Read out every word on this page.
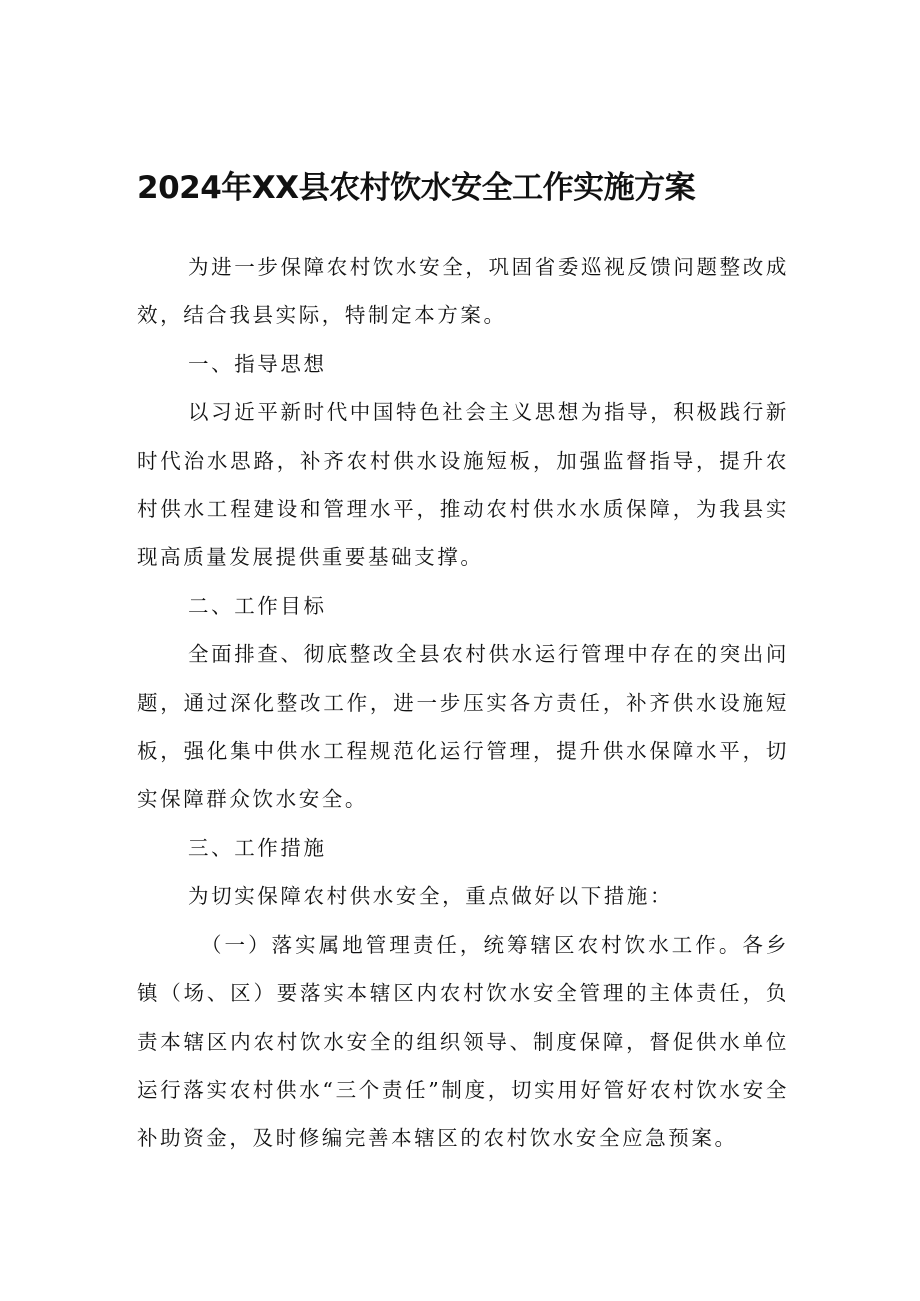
2024年XX县农村饮水安全工作实施方案

为进一步保障农村饮水安全，巩固省委巡视反馈问题整改成效，结合我县实际，特制定本方案。

一、指导思想

以习近平新时代中国特色社会主义思想为指导，积极践行新时代治水思路，补齐农村供水设施短板，加强监督指导，提升农村供水工程建设和管理水平，推动农村供水水质保障，为我县实现高质量发展提供重要基础支撑。

二、工作目标

全面排查、彻底整改全县农村供水运行管理中存在的突出问题，通过深化整改工作，进一步压实各方责任，补齐供水设施短板，强化集中供水工程规范化运行管理，提升供水保障水平，切实保障群众饮水安全。

三、工作措施

为切实保障农村供水安全，重点做好以下措施：

（一）落实属地管理责任，统筹辖区农村饮水工作。各乡镇（场、区）要落实本辖区内农村饮水安全管理的主体责任，负责本辖区内农村饮水安全的组织领导、制度保障，督促供水单位运行落实农村供水“三个责任”制度，切实用好管好农村饮水安全补助资金，及时修编完善本辖区的农村饮水安全应急预案。
